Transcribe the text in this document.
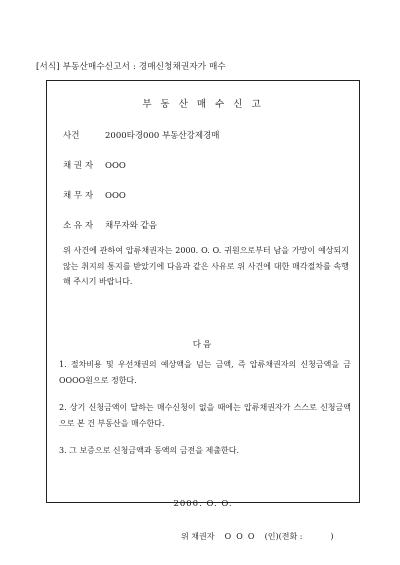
[서식] 부동산매수신고서 : 경매신청채권자가 매수
부 동 산 매 수 신 고
사건	2000타경000 부동산강제경매
채 권 자 OOO
채 무 자 OOO
소 유 자 채무자와 같음

위 사건에 관하여 압류채권자는 2000. O. O. 귀원으로부터 남을 가망이 예상되지 않는 취지의 통지를 받았기에 다음과 같은 사유로 위 사건에 대한 매각절차를 속행해 주시기 바랍니다.

다음
1. 절차비용 및 우선채권의 예상액을 넘는 금액, 즉 압류채권자의 신청금액을 금 OOOO원으로 정한다.
2. 상기 신청금액이 달하는 매수신청이 없을 때에는 압류채권자가 스스로 신청금액으로 본 건 부동산을 매수한다.
3. 그 보증으로 신청금액과 동액의 금전을 제출한다.
2000. O. O.
위 채권자    O  O  O    (인)(전화 :           )
